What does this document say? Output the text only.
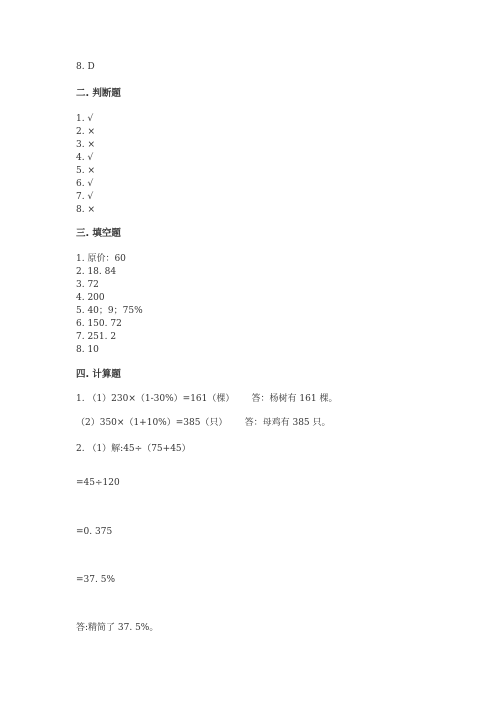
8. D
二. 判断题
1. √
2. ×
3. ×
4. √
5. ×
6. √
7. √
8. ×
三. 填空题
1. 原价：60
2. 18. 84
3. 72
4. 200
5. 40；9；75%
6. 150. 72
7. 251. 2
8. 10
四. 计算题
1. （1）230×（1-30%）=161（棵）      答：杨树有 161 棵。
（2）350×（1+10%）=385（只）      答：母鸡有 385 只。
2. （1）解:45÷（75+45）
=45÷120
=0. 375
=37. 5%
答:精简了 37. 5%。
